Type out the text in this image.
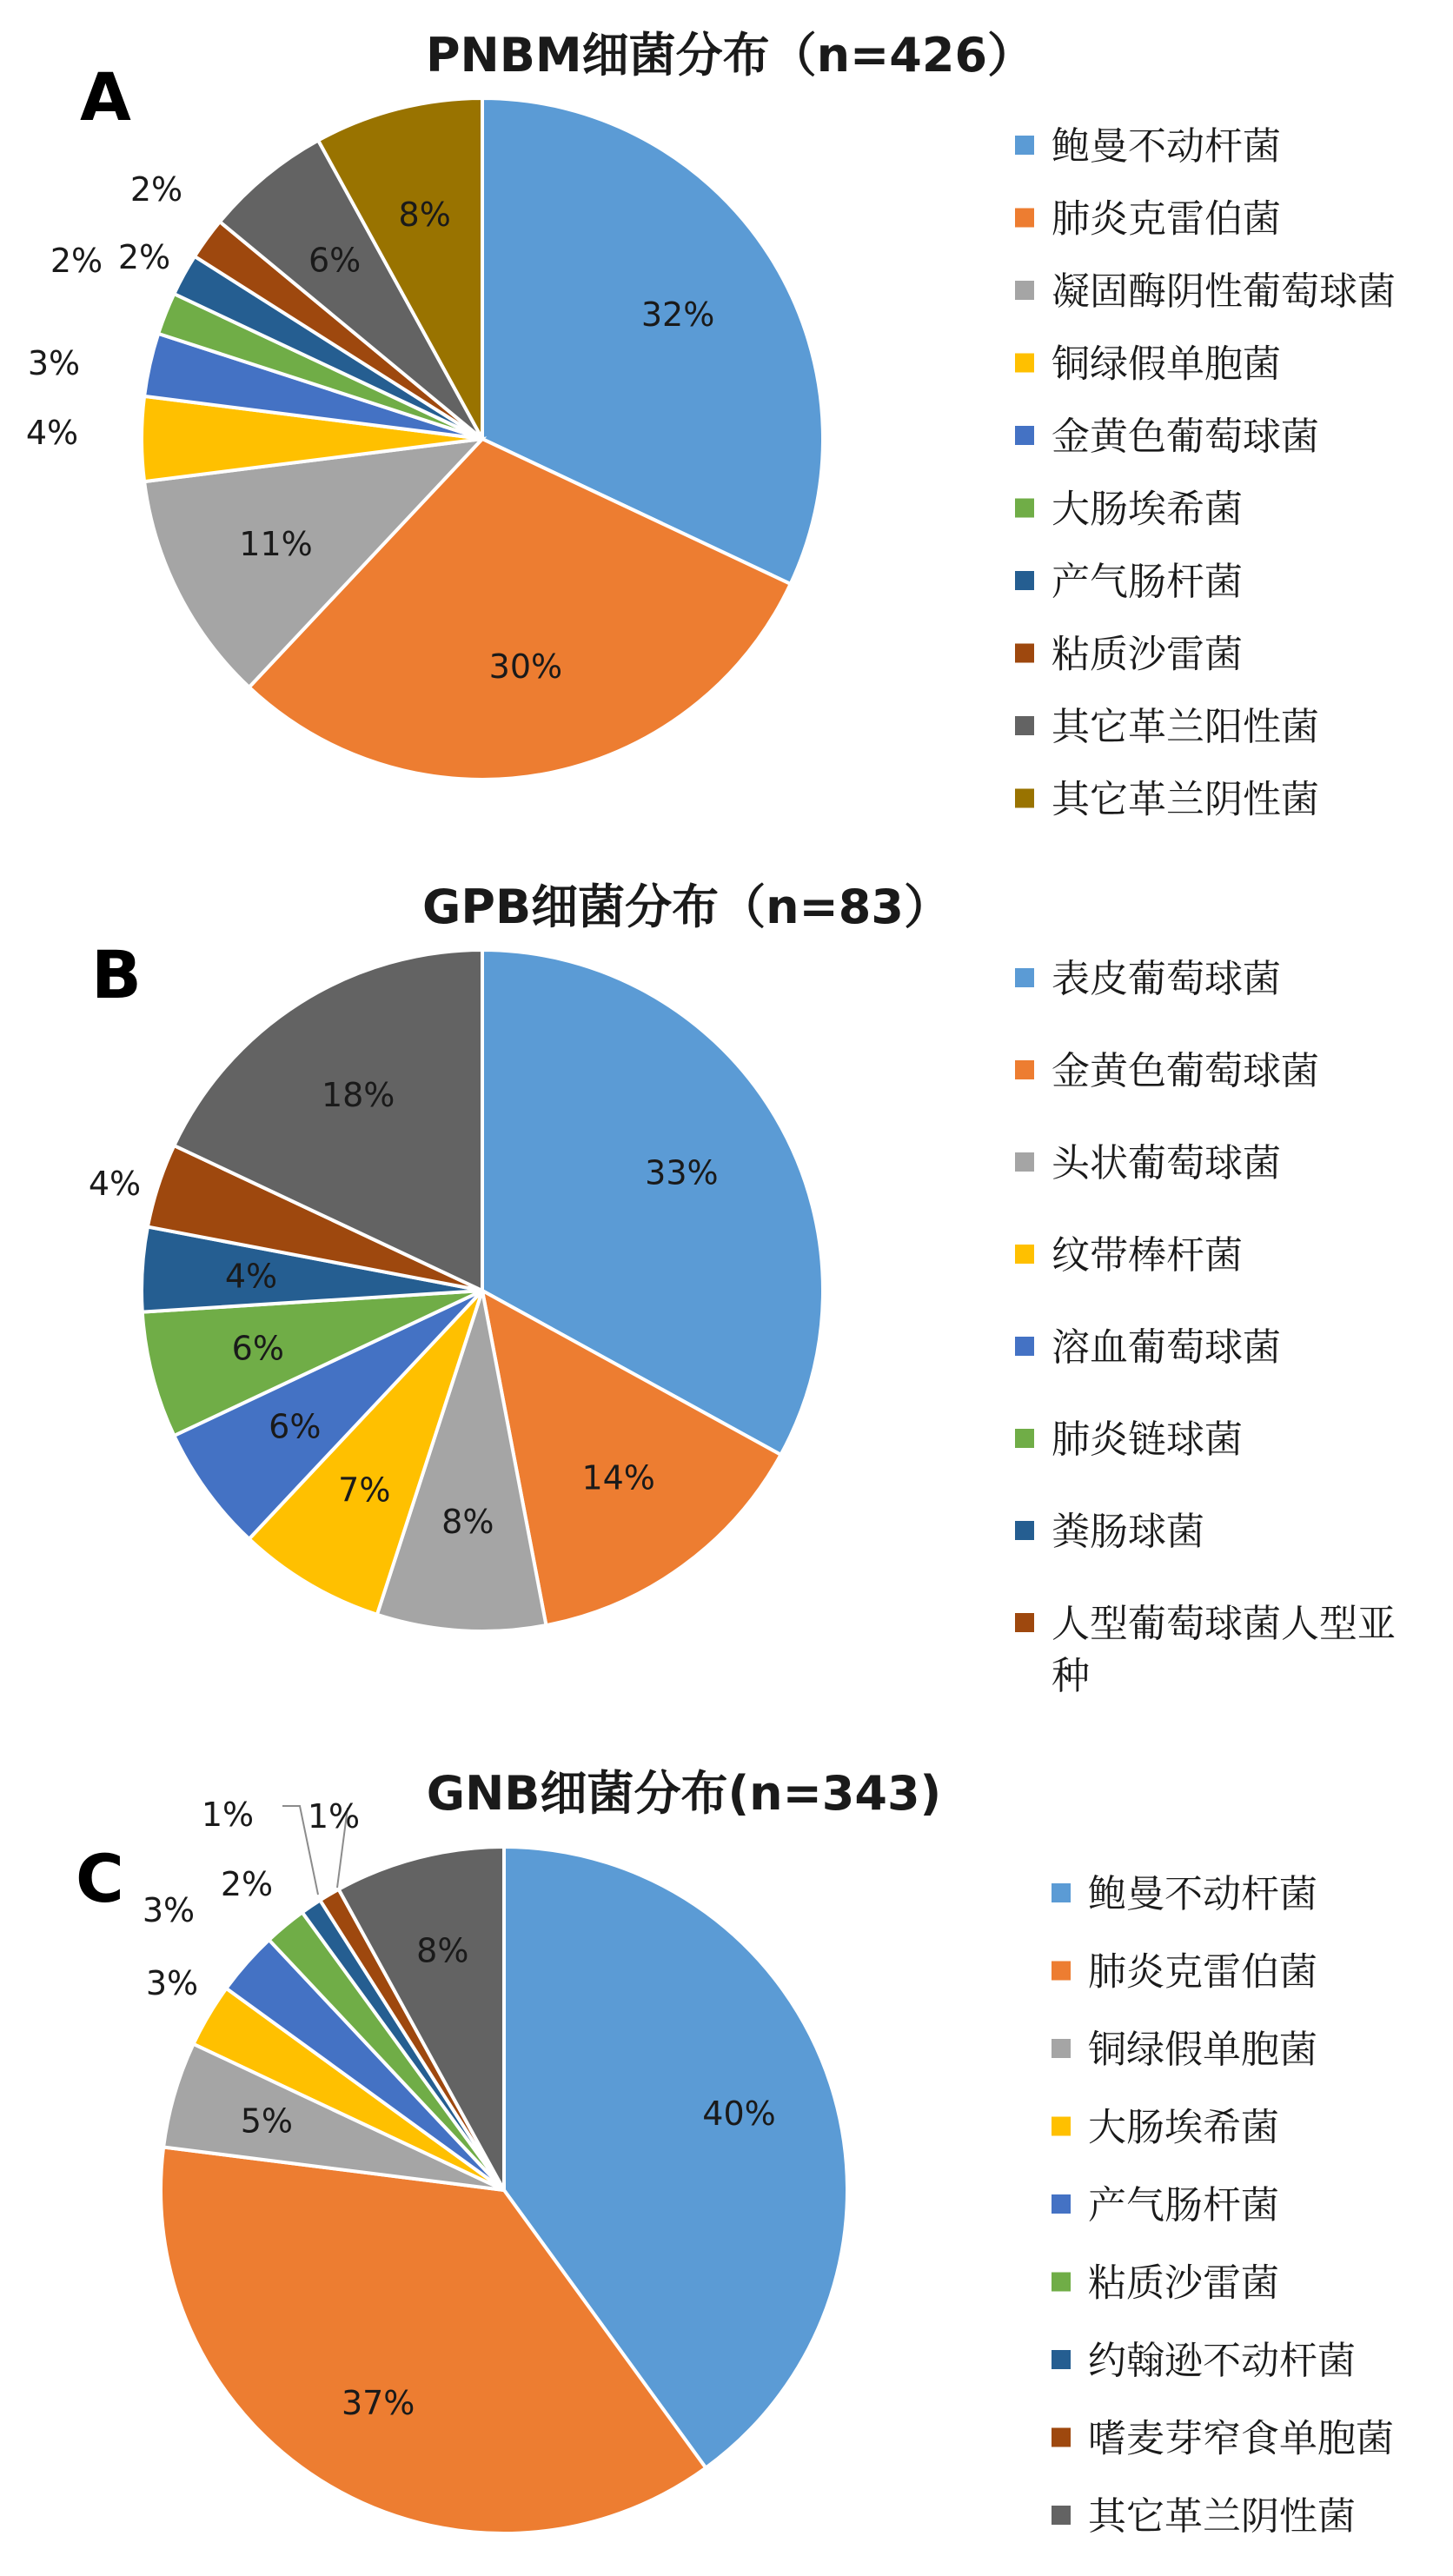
A
PNBM细菌分布（n=426）
32%
30%
11%
4%
3%
2% 2%
2%
6%
8%
鲍曼不动杆菌
肺炎克雷伯菌
凝固酶阴性葡萄球菌
铜绿假单胞菌
金黄色葡萄球菌
大肠埃希菌
产气肠杆菌
粘质沙雷菌
其它革兰阳性菌
其它革兰阴性菌
B
GPB细菌分布（n=83）
33%
14%
8%
7%
6%
6%
4%
4%
18%
表皮葡萄球菌
金黄色葡萄球菌
头状葡萄球菌
纹带棒杆菌
溶血葡萄球菌
肺炎链球菌
粪肠球菌
人型葡萄球菌人型亚
种
C
GNB细菌分布(n=343)
40%
37%
5%
3%
3%
2%
1% 1%
8%
鲍曼不动杆菌
肺炎克雷伯菌
铜绿假单胞菌
大肠埃希菌
产气肠杆菌
粘质沙雷菌
约翰逊不动杆菌
嗜麦芽窄食单胞菌
其它革兰阴性菌
